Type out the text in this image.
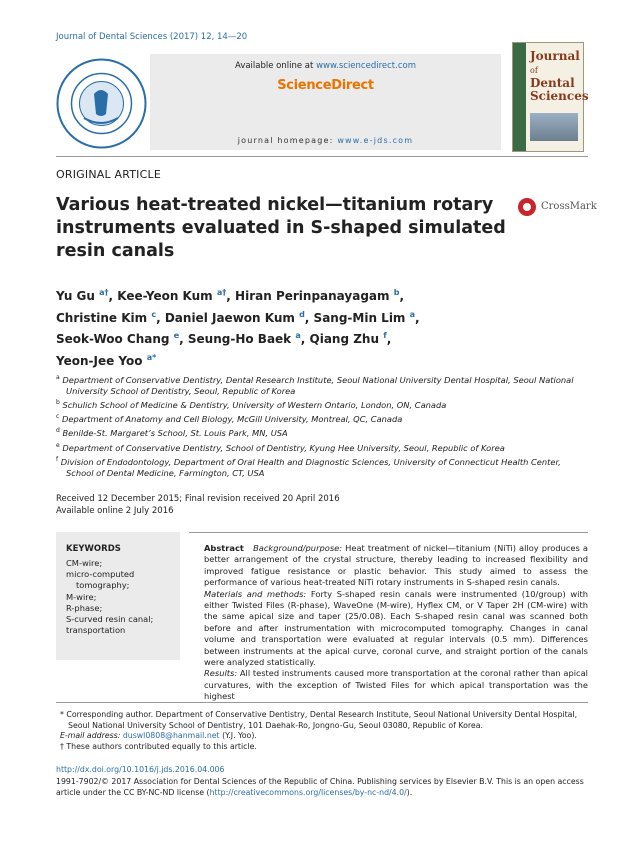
Journal of Dental Sciences (2017) 12, 14—20
Available online at www.sciencedirect.com
ScienceDirect
journal homepage: www.e-jds.com
Journal of
Dental
Sciences
ORIGINAL ARTICLE
Various heat-treated nickel—titanium rotary instruments evaluated in S-shaped simulated resin canals
CrossMark
Yu Gu $^{a\dagger}$, Kee-Yeon Kum $^{a\dagger}$, Hiran Perinpanayagam $^b$,
Christine Kim $^c$, Daniel Jaewon Kum $^d$, Sang-Min Lim $^a$,
Seok-Woo Chang $^e$, Seung-Ho Baek $^a$, Qiang Zhu $^f$,
Yeon-Jee Yoo $^{a*}$
$^a$ Department of Conservative Dentistry, Dental Research Institute, Seoul National University Dental Hospital, Seoul National University School of Dentistry, Seoul, Republic of Korea
$^b$ Schulich School of Medicine & Dentistry, University of Western Ontario, London, ON, Canada
$^c$ Department of Anatomy and Cell Biology, McGill University, Montreal, QC, Canada
$^d$ Benilde-St. Margaret’s School, St. Louis Park, MN, USA
$^e$ Department of Conservative Dentistry, School of Dentistry, Kyung Hee University, Seoul, Republic of Korea
$^f$ Division of Endodontology, Department of Oral Health and Diagnostic Sciences, University of Connecticut Health Center, School of Dental Medicine, Farmington, CT, USA
Received 12 December 2015; Final revision received 20 April 2016
Available online 2 July 2016
KEYWORDS
CM-wire;
micro-computed
tomography;
M-wire;
R-phase;
S-curved resin canal;
transportation

Abstract Background/purpose: Heat treatment of nickel—titanium (NiTi) alloy produces a better arrangement of the crystal structure, thereby leading to increased flexibility and improved fatigue resistance or plastic behavior. This study aimed to assess the performance of various heat-treated NiTi rotary instruments in S-shaped resin canals.

Materials and methods: Forty S-shaped resin canals were instrumented (10/group) with either Twisted Files (R-phase), WaveOne (M-wire), Hyflex CM, or V Taper 2H (CM-wire) with the same apical size and taper (25/0.08). Each S-shaped resin canal was scanned both before and after instrumentation with microcomputed tomography. Changes in canal volume and transportation were evaluated at regular intervals (0.5 mm). Differences between instruments at the apical curve, coronal curve, and straight portion of the canals were analyzed statistically.

Results: All tested instruments caused more transportation at the coronal rather than apical curvatures, with the exception of Twisted Files for which apical transportation was the highest

* Corresponding author. Department of Conservative Dentistry, Dental Research Institute, Seoul National University Dental Hospital, Seoul National University School of Dentistry, 101 Daehak-Ro, Jongno-Gu, Seoul 03080, Republic of Korea.
E-mail address: duswl0808@hanmail.net (Y.J. Yoo).
† These authors contributed equally to this article.
http://dx.doi.org/10.1016/j.jds.2016.04.006
1991-7902/© 2017 Association for Dental Sciences of the Republic of China. Publishing services by Elsevier B.V. This is an open access article under the CC BY-NC-ND license (http://creativecommons.org/licenses/by-nc-nd/4.0/).
